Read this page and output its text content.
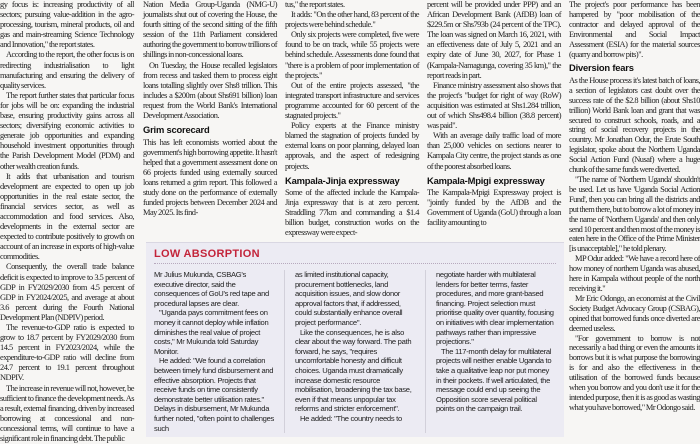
gy focus is: increasing productivity of all sectors; pursuing value-addition in the agro-processing, tourism, mineral products, oil and gas and main-streaming Science Technology and Innovation," the report states.

According to the report, the other focus is on redirecting industrialisation to light manufacturing and ensuring the delivery of quality services.

The report further states that particular focus for jobs will be on: expanding the industrial base, ensuring productivity gains across all sectors; diversifying economic activities to generate job opportunities and expanding household investment opportunities through the Parish Development Model (PDM) and other wealth creation funds.

It adds that urbanisation and tourism development are expected to open up job opportunities in the real estate sector, the financial services sector, as well as accommodation and food services. Also, developments in the external sector are expected to contribute positively to growth on account of an increase in exports of high-value commodities.

Consequently, the overall trade balance deficit is expected to improve to 3.5 percent of GDP in FY2029/2030 from 4.5 percent of GDP in FY2024/2025, and average at about 3.6 percent during the Fourth National Development Plan (NDPIV) period.

The revenue-to-GDP ratio is expected to grow to 18.7 percent by FY2029/2030 from 14.5 percent in FY2023/2024, while the expenditure-to-GDP ratio will decline from 24.7 percent to 19.1 percent throughout NDPIV.

The increase in revenue will not, however, be sufficient to finance the development needs. As a result, external financing, driven by increased borrowing at concessional and non-concessional terms, will continue to have a significant role in financing debt. The public

Nation Media Group-Uganda (NMG-U) journalists shut out of covering the House, the fourth sitting of the second sitting of the fifth session of the 11th Parliament considered authoring the government to borrow trillions of shillings in non-concessional loans.

On Tuesday, the House recalled legislators from recess and tasked them to process eight loans totalling slightly over Shs8 trillion. This includes a $200m (about Shs691 billion) loan request from the World Bank's International Development Association.

Grim scorecard

This has left economists worried about the government's high borrowing appetite. It hasn't helped that a government assessment done on 66 projects funded using externally sourced loans returned a grim report. This followed a study done on the performance of externally funded projects between December 2024 and May 2025. Its find-

tus," the report states.

It adds: "On the other hand, 83 percent of the projects were behind schedule."

Only six projects were completed, five were found to be on track, while 55 projects were behind schedule. Assessments done found that "there is a problem of poor implementation of the projects."

Out of the entire projects assessed, "the integrated transport infrastructure and services programme accounted for 60 percent of the stagnated projects."

Policy experts at the Finance ministry blamed the stagnation of projects funded by external loans on poor planning, delayed loan approvals, and the aspect of redesigning projects.

Kampala-Jinja expressway

Some of the affected include the Kampala-Jinja expressway that is at zero percent. Straddling 77km and commanding a $1.4 billion budget, construction works on the expressway were expect-

percent will be provided under PPP) and an African Development Bank (AfDB) loan of $229.5m or Shs793b (24 percent of the TPC). The loan was signed on March 16, 2021, with an effectiveness date of July 5, 2021 and an expiry date of June 30, 2027, for Phase 1 (Kampala-Namagunga, covering 35 km)," the report reads in part.

Finance ministry assessment also shows that the project's "budget for right of way (RoW) acquisition was estimated at Shs1.284 trillion, out of which Shs498.4 billion (38.8 percent) was paid".

With an average daily traffic load of more than 25,000 vehicles on sections nearer to Kampala City centre, the project stands as one of the poorest absorbed loans.

Kampala-Mpigi expressway

The Kampala-Mpigi Expressway project is "jointly funded by the AfDB and the Government of Uganda (GoU) through a loan facility amounting to

The project's poor performance has been hampered by "poor mobilisation of the contractor and delayed approval of the Environmental and Social Impact Assessment (ESIA) for the material sources (quarry and borrow pits)".

Diversion fears

As the House process it's latest batch of loans, a section of legislators cast doubt over the success rate of the $2.8 billion (about Shs10 trillion) World Bank loan and grant that was secured to construct schools, roads, and a string of social recovery projects in the country. Mr Jonathan Odur, the Erute South legislator, spoke about the Northern Uganda Social Action Fund (Nusaf) where a huge chunk of the same funds were diverted.

"The name of 'Northern Uganda' shouldn't be used. Let us have 'Uganda Social Action Fund', then you can bring all the districts and put them there, but to borrow a lot of money in the name of 'Northern Uganda' and then only send 10 percent and then most of the money is eaten here in the Office of the Prime Minister [is unacceptable]," he told plenary.

MP Odur added: "We have a record here of how money of northern Uganda was abused, here in Kampala without people of the north receiving it."

Mr Eric Odongo, an economist at the Civil Society Budget Advocacy Group (CSBAG), opined that borrowed funds once diverted are deemed useless.

"For government to borrow is not necessarily a bad thing or even the amounts it borrows but it is what purpose the borrowing is for and also the effectiveness in the utilisation of the borrowed funds because when you borrow and you don't use it for the intended purpose, then it is as good as wasting what you have borrowed," Mr Odongo said.

LOW ABSORPTION

Mr Julius Mukunda, CSBAG's executive director, said the consequences of GoU's red tape and procedural lapses are clear.

"Uganda pays commitment fees on money it cannot deploy while inflation diminishes the real value of project costs," Mr Mukunda told Saturday Monitor.

He added: "We found a correlation between timely fund disbursement and effective absorption. Projects that receive funds on time consistently demonstrate better utilisation rates." Delays in disbursement, Mr Mukunda further noted, "often point to challenges such

as limited institutional capacity, procurement bottlenecks, land acquisition issues, and slow donor approval factors that, if addressed, could substantially enhance overall project performance".

Like the consequences, he is also clear about the way forward. The path forward, he says, "requires uncomfortable honesty and difficult choices. Uganda must dramatically increase domestic resource mobilisation, broadening the tax base, even if that means unpopular tax reforms and stricter enforcement".

He added: "The country needs to

negotiate harder with multilateral lenders for better terms, faster procedures, and more grant-based financing. Project selection must prioritise quality over quantity, focusing on initiatives with clear implementation pathways rather than impressive projections."

The 117-month delay for multilateral projects will neither enable Uganda to take a qualitative leap nor put money in their pockets. If well articulated, the message could end up seeing the Opposition score several political points on the campaign trail.
